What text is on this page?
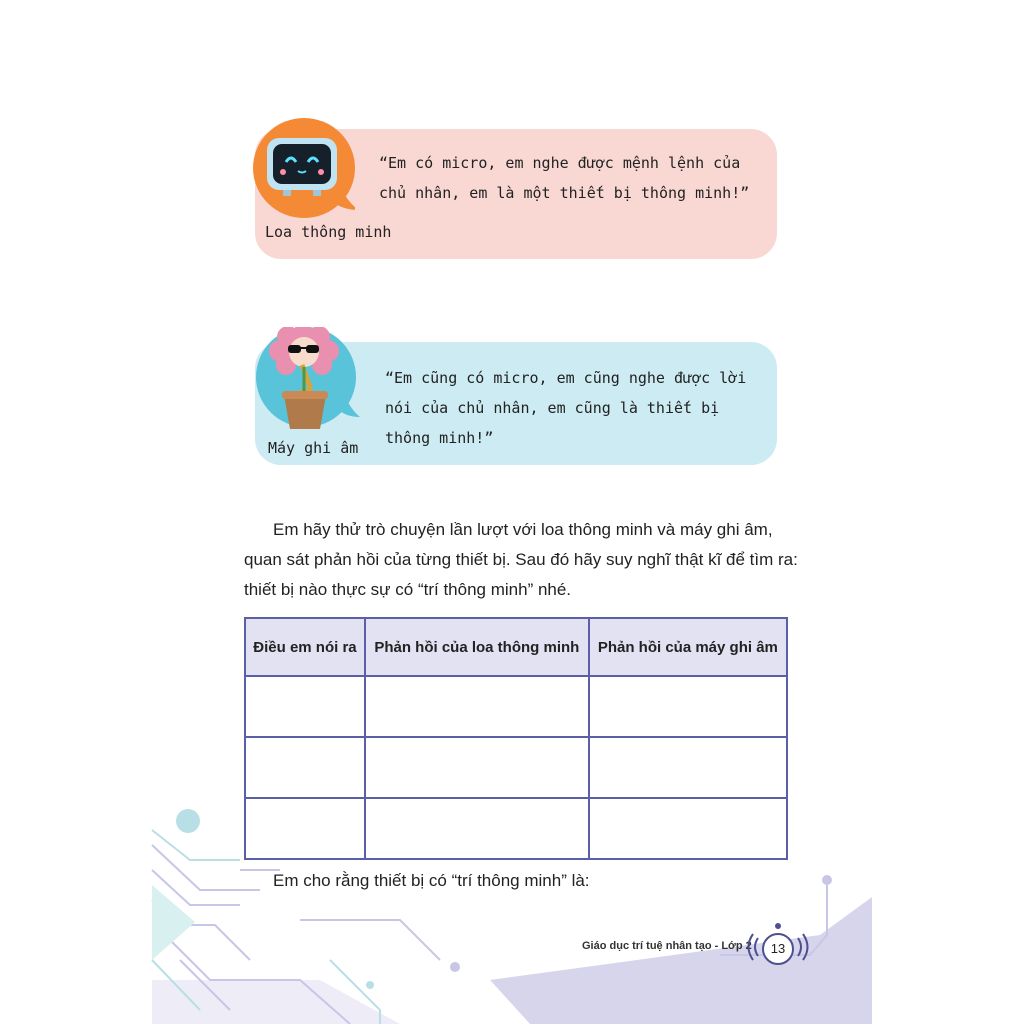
“Em có micro, em nghe được mệnh lệnh của chủ nhân, em là một thiết bị thông minh!”
Loa thông minh
“Em cũng có micro, em cũng nghe được lời nói của chủ nhân, em cũng là thiết bị thông minh!”
Máy ghi âm

Em hãy thử trò chuyện lần lượt với loa thông minh và máy ghi âm, quan sát phản hồi của từng thiết bị. Sau đó hãy suy nghĩ thật kĩ để tìm ra: thiết bị nào thực sự có “trí thông minh” nhé.

Điều em nói ra	Phản hồi của loa thông minh	Phản hồi của máy ghi âm

Em cho rằng thiết bị có “trí thông minh” là:
Giáo dục trí tuệ nhân tạo - Lớp 2	13
